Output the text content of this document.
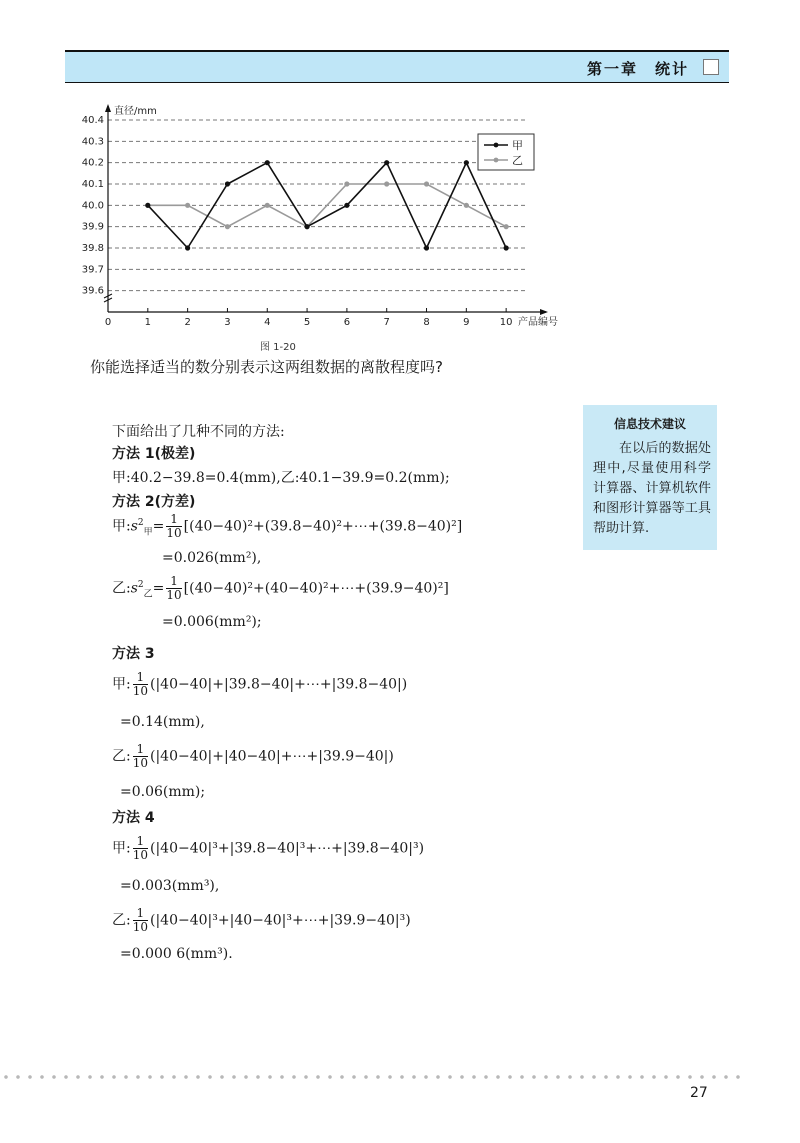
第一章　统计
39.6
39.7
39.8
39.9
40.0
40.1
40.2
40.3
40.4
直径/mm
0	1	2	3	4	5	6	7	8	9	10 产品编号
甲
乙
图 1-20
你能选择适当的数分别表示这两组数据的离散程度吗?
下面给出了几种不同的方法:
方法 1(极差)
甲:40.2−39.8=0.4(mm),乙:40.1−39.9=0.2(mm);
方法 2(方差)
甲$:s^2_甲= \frac{1}{10}$ [(40−40)²+(39.8−40)²+⋯+(39.8−40)²]
=0.026(mm²),
乙$:s^2_乙= \frac{1}{10}$ [(40−40)²+(40−40)²+⋯+(39.9−40)²]
=0.006(mm²);
方法 3
甲: $\frac{1}{10}$ (|40−40|+|39.8−40|+⋯+|39.8−40|)
=0.14(mm),
乙: $\frac{1}{10}$ (|40−40|+|40−40|+⋯+|39.9−40|)
=0.06(mm);
方法 4
甲: $\frac{1}{10}$ (|40−40|³+|39.8−40|³+⋯+|39.8−40|³)
=0.003(mm³),
乙: $\frac{1}{10}$ (|40−40|³+|40−40|³+⋯+|39.9−40|³)
=0.000 6(mm³).
信息技术建议
在以后的数据处理中,尽量使用科学计算器、计算机软件和图形计算器等工具帮助计算.
27
